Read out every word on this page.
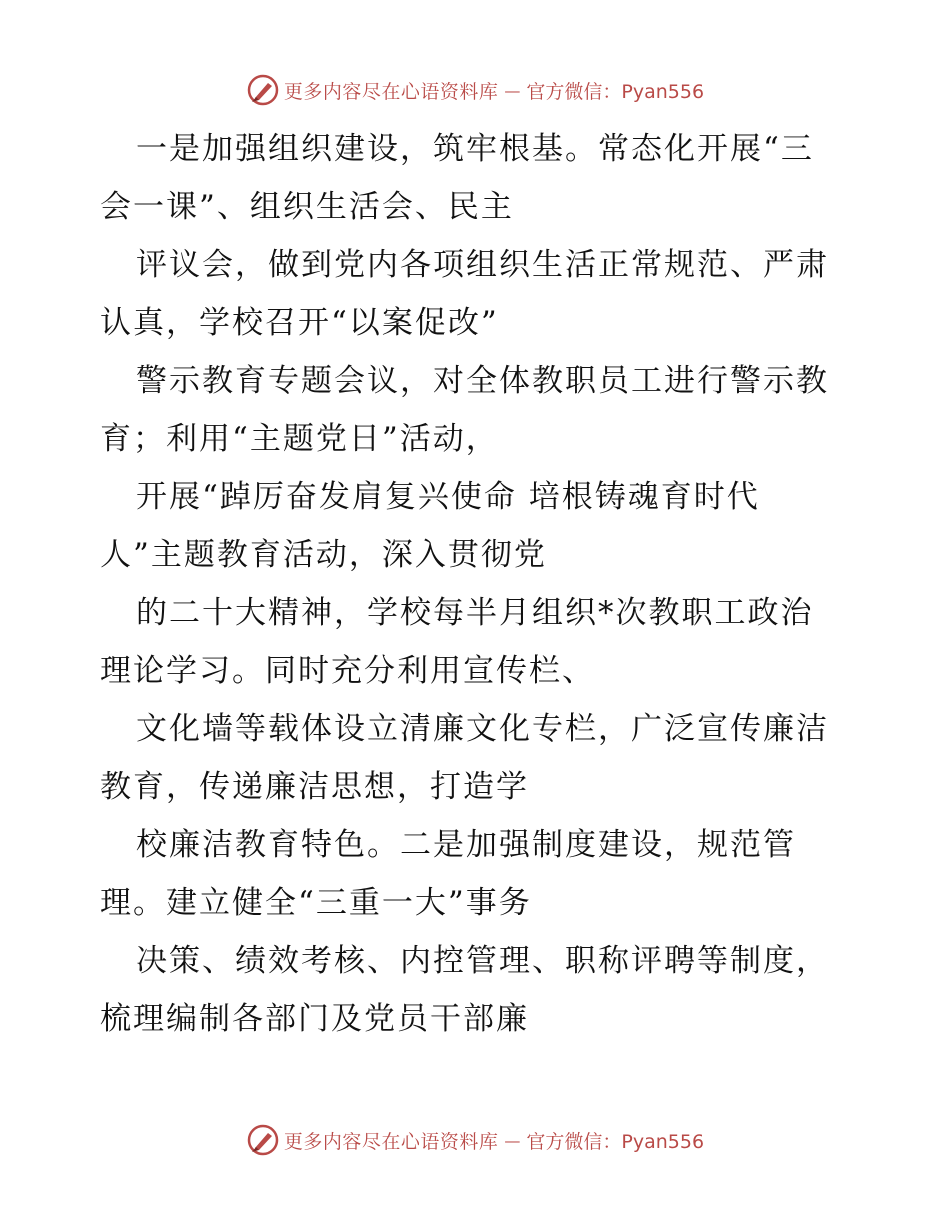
更多内容尽在心语资料库 — 官方微信：Pyan556
一是加强组织建设，筑牢根基。常态化开展“三
会一课”、组织生活会、民主
评议会，做到党内各项组织生活正常规范、严肃
认真，学校召开“以案促改”
警示教育专题会议，对全体教职员工进行警示教
育；利用“主题党日”活动，
开展“踔厉奋发肩复兴使命 培根铸魂育时代
人”主题教育活动，深入贯彻党
的二十大精神，学校每半月组织*次教职工政治
理论学习。同时充分利用宣传栏、
文化墙等载体设立清廉文化专栏，广泛宣传廉洁
教育，传递廉洁思想，打造学
校廉洁教育特色。二是加强制度建设，规范管
理。建立健全“三重一大”事务
决策、绩效考核、内控管理、职称评聘等制度，
梳理编制各部门及党员干部廉
更多内容尽在心语资料库 — 官方微信：Pyan556
